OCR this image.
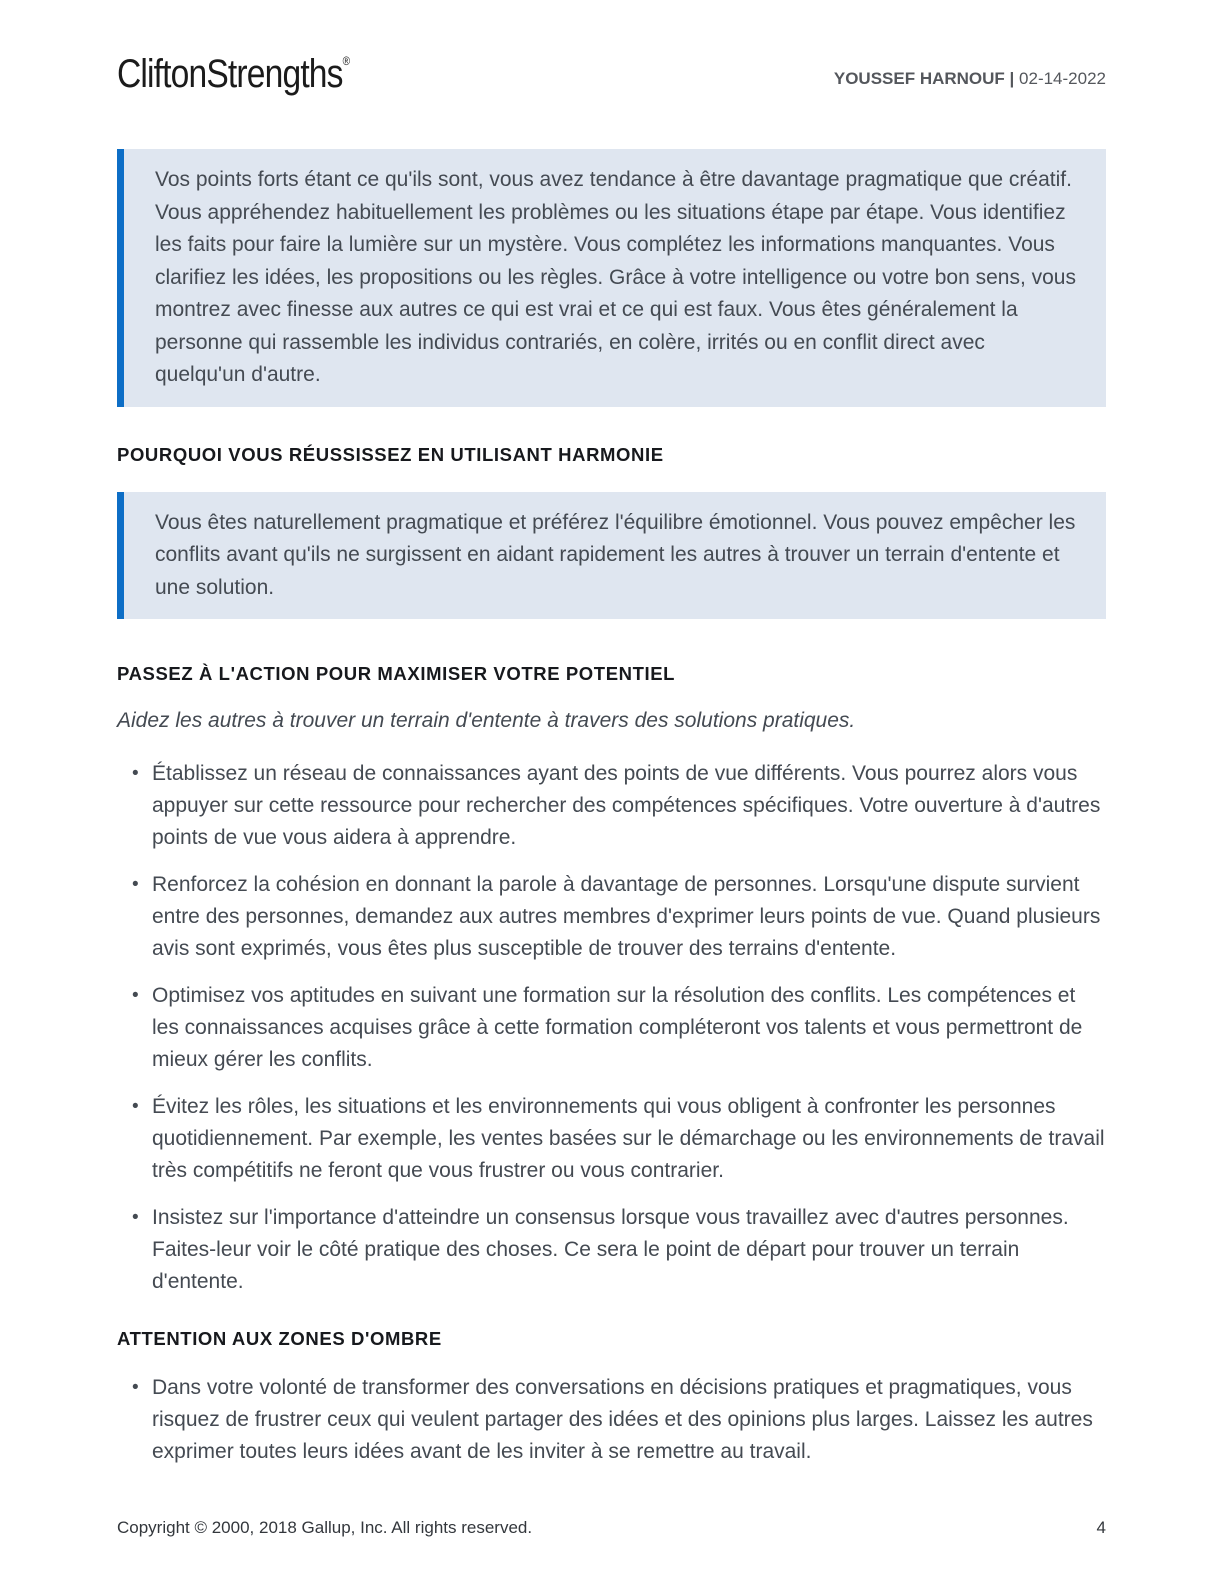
CliftonStrengths®
YOUSSEF HARNOUF | 02-14-2022
Vos points forts étant ce qu'ils sont, vous avez tendance à être davantage pragmatique que créatif. Vous appréhendez habituellement les problèmes ou les situations étape par étape. Vous identifiez les faits pour faire la lumière sur un mystère. Vous complétez les informations manquantes. Vous clarifiez les idées, les propositions ou les règles. Grâce à votre intelligence ou votre bon sens, vous montrez avec finesse aux autres ce qui est vrai et ce qui est faux. Vous êtes généralement la personne qui rassemble les individus contrariés, en colère, irrités ou en conflit direct avec quelqu'un d'autre.
POURQUOI VOUS RÉUSSISSEZ EN UTILISANT HARMONIE
Vous êtes naturellement pragmatique et préférez l'équilibre émotionnel. Vous pouvez empêcher les conflits avant qu'ils ne surgissent en aidant rapidement les autres à trouver un terrain d'entente et une solution.
PASSEZ À L'ACTION POUR MAXIMISER VOTRE POTENTIEL
Aidez les autres à trouver un terrain d'entente à travers des solutions pratiques.
• Établissez un réseau de connaissances ayant des points de vue différents. Vous pourrez alors vous appuyer sur cette ressource pour rechercher des compétences spécifiques. Votre ouverture à d'autres points de vue vous aidera à apprendre.
• Renforcez la cohésion en donnant la parole à davantage de personnes. Lorsqu'une dispute survient entre des personnes, demandez aux autres membres d'exprimer leurs points de vue. Quand plusieurs avis sont exprimés, vous êtes plus susceptible de trouver des terrains d'entente.
• Optimisez vos aptitudes en suivant une formation sur la résolution des conflits. Les compétences et les connaissances acquises grâce à cette formation compléteront vos talents et vous permettront de mieux gérer les conflits.
• Évitez les rôles, les situations et les environnements qui vous obligent à confronter les personnes quotidiennement. Par exemple, les ventes basées sur le démarchage ou les environnements de travail très compétitifs ne feront que vous frustrer ou vous contrarier.
• Insistez sur l'importance d'atteindre un consensus lorsque vous travaillez avec d'autres personnes. Faites-leur voir le côté pratique des choses. Ce sera le point de départ pour trouver un terrain d'entente.
ATTENTION AUX ZONES D'OMBRE
• Dans votre volonté de transformer des conversations en décisions pratiques et pragmatiques, vous risquez de frustrer ceux qui veulent partager des idées et des opinions plus larges. Laissez les autres exprimer toutes leurs idées avant de les inviter à se remettre au travail.
Copyright © 2000, 2018 Gallup, Inc. All rights reserved.	4
